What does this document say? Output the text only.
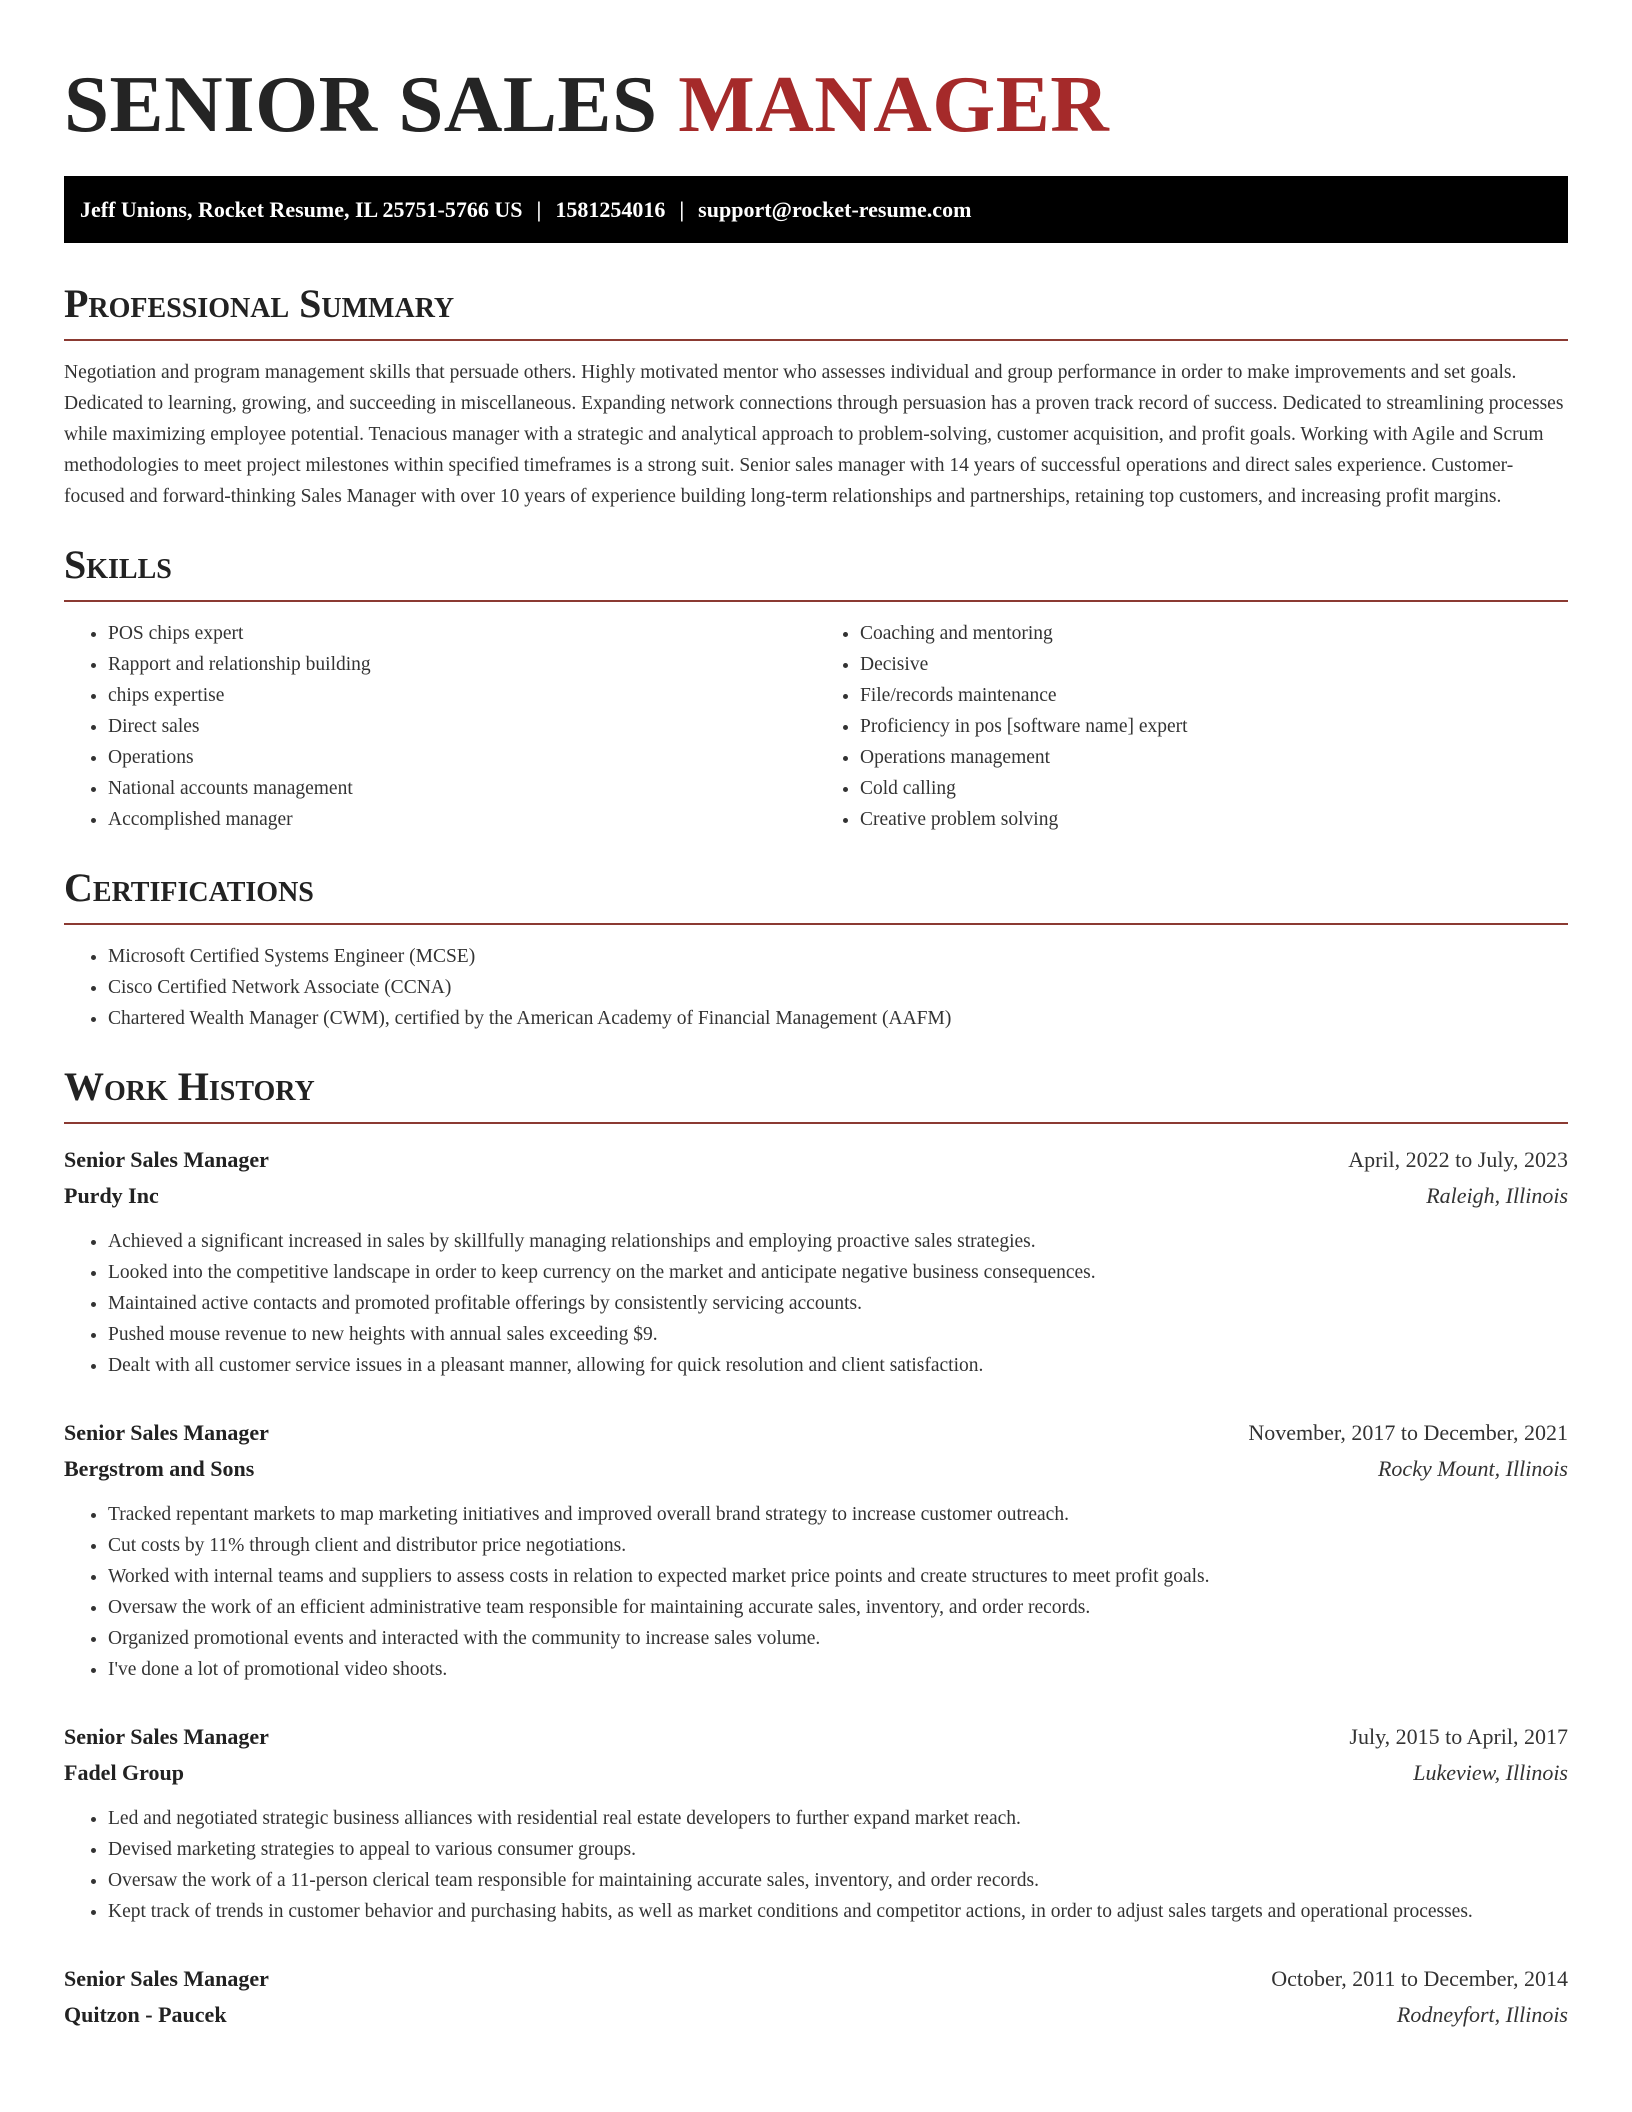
SENIOR SALES MANAGER
Jeff Unions, Rocket Resume, IL 25751-5766 US | 1581254016 | support@rocket-resume.com
Professional Summary

Negotiation and program management skills that persuade others. Highly motivated mentor who assesses individual and group performance in order to make improvements and set goals. Dedicated to learning, growing, and succeeding in miscellaneous. Expanding network connections through persuasion has a proven track record of success. Dedicated to streamlining processes while maximizing employee potential. Tenacious manager with a strategic and analytical approach to problem-solving, customer acquisition, and profit goals. Working with Agile and Scrum methodologies to meet project milestones within specified timeframes is a strong suit. Senior sales manager with 14 years of successful operations and direct sales experience. Customer-focused and forward-thinking Sales Manager with over 10 years of experience building long-term relationships and partnerships, retaining top customers, and increasing profit margins.

Skills
• POS chips expert
• Rapport and relationship building
• chips expertise
• Direct sales
• Operations
• National accounts management
• Accomplished manager
• Coaching and mentoring
• Decisive
• File/records maintenance
• Proficiency in pos [software name] expert
• Operations management
• Cold calling
• Creative problem solving
Certifications
• Microsoft Certified Systems Engineer (MCSE)
• Cisco Certified Network Associate (CCNA)
• Chartered Wealth Manager (CWM), certified by the American Academy of Financial Management (AAFM)
Work History
Senior Sales Manager	April, 2022 to July, 2023
Purdy Inc	Raleigh, Illinois
• Achieved a significant increased in sales by skillfully managing relationships and employing proactive sales strategies.
• Looked into the competitive landscape in order to keep currency on the market and anticipate negative business consequences.
• Maintained active contacts and promoted profitable offerings by consistently servicing accounts.
• Pushed mouse revenue to new heights with annual sales exceeding $9.
• Dealt with all customer service issues in a pleasant manner, allowing for quick resolution and client satisfaction.
Senior Sales Manager	November, 2017 to December, 2021
Bergstrom and Sons	Rocky Mount, Illinois
• Tracked repentant markets to map marketing initiatives and improved overall brand strategy to increase customer outreach.
• Cut costs by 11% through client and distributor price negotiations.
• Worked with internal teams and suppliers to assess costs in relation to expected market price points and create structures to meet profit goals.
• Oversaw the work of an efficient administrative team responsible for maintaining accurate sales, inventory, and order records.
• Organized promotional events and interacted with the community to increase sales volume.
• I've done a lot of promotional video shoots.
Senior Sales Manager	July, 2015 to April, 2017
Fadel Group	Lukeview, Illinois
• Led and negotiated strategic business alliances with residential real estate developers to further expand market reach.
• Devised marketing strategies to appeal to various consumer groups.
• Oversaw the work of a 11-person clerical team responsible for maintaining accurate sales, inventory, and order records.
• Kept track of trends in customer behavior and purchasing habits, as well as market conditions and competitor actions, in order to adjust sales targets and operational processes.
Senior Sales Manager	October, 2011 to December, 2014
Quitzon - Paucek	Rodneyfort, Illinois
